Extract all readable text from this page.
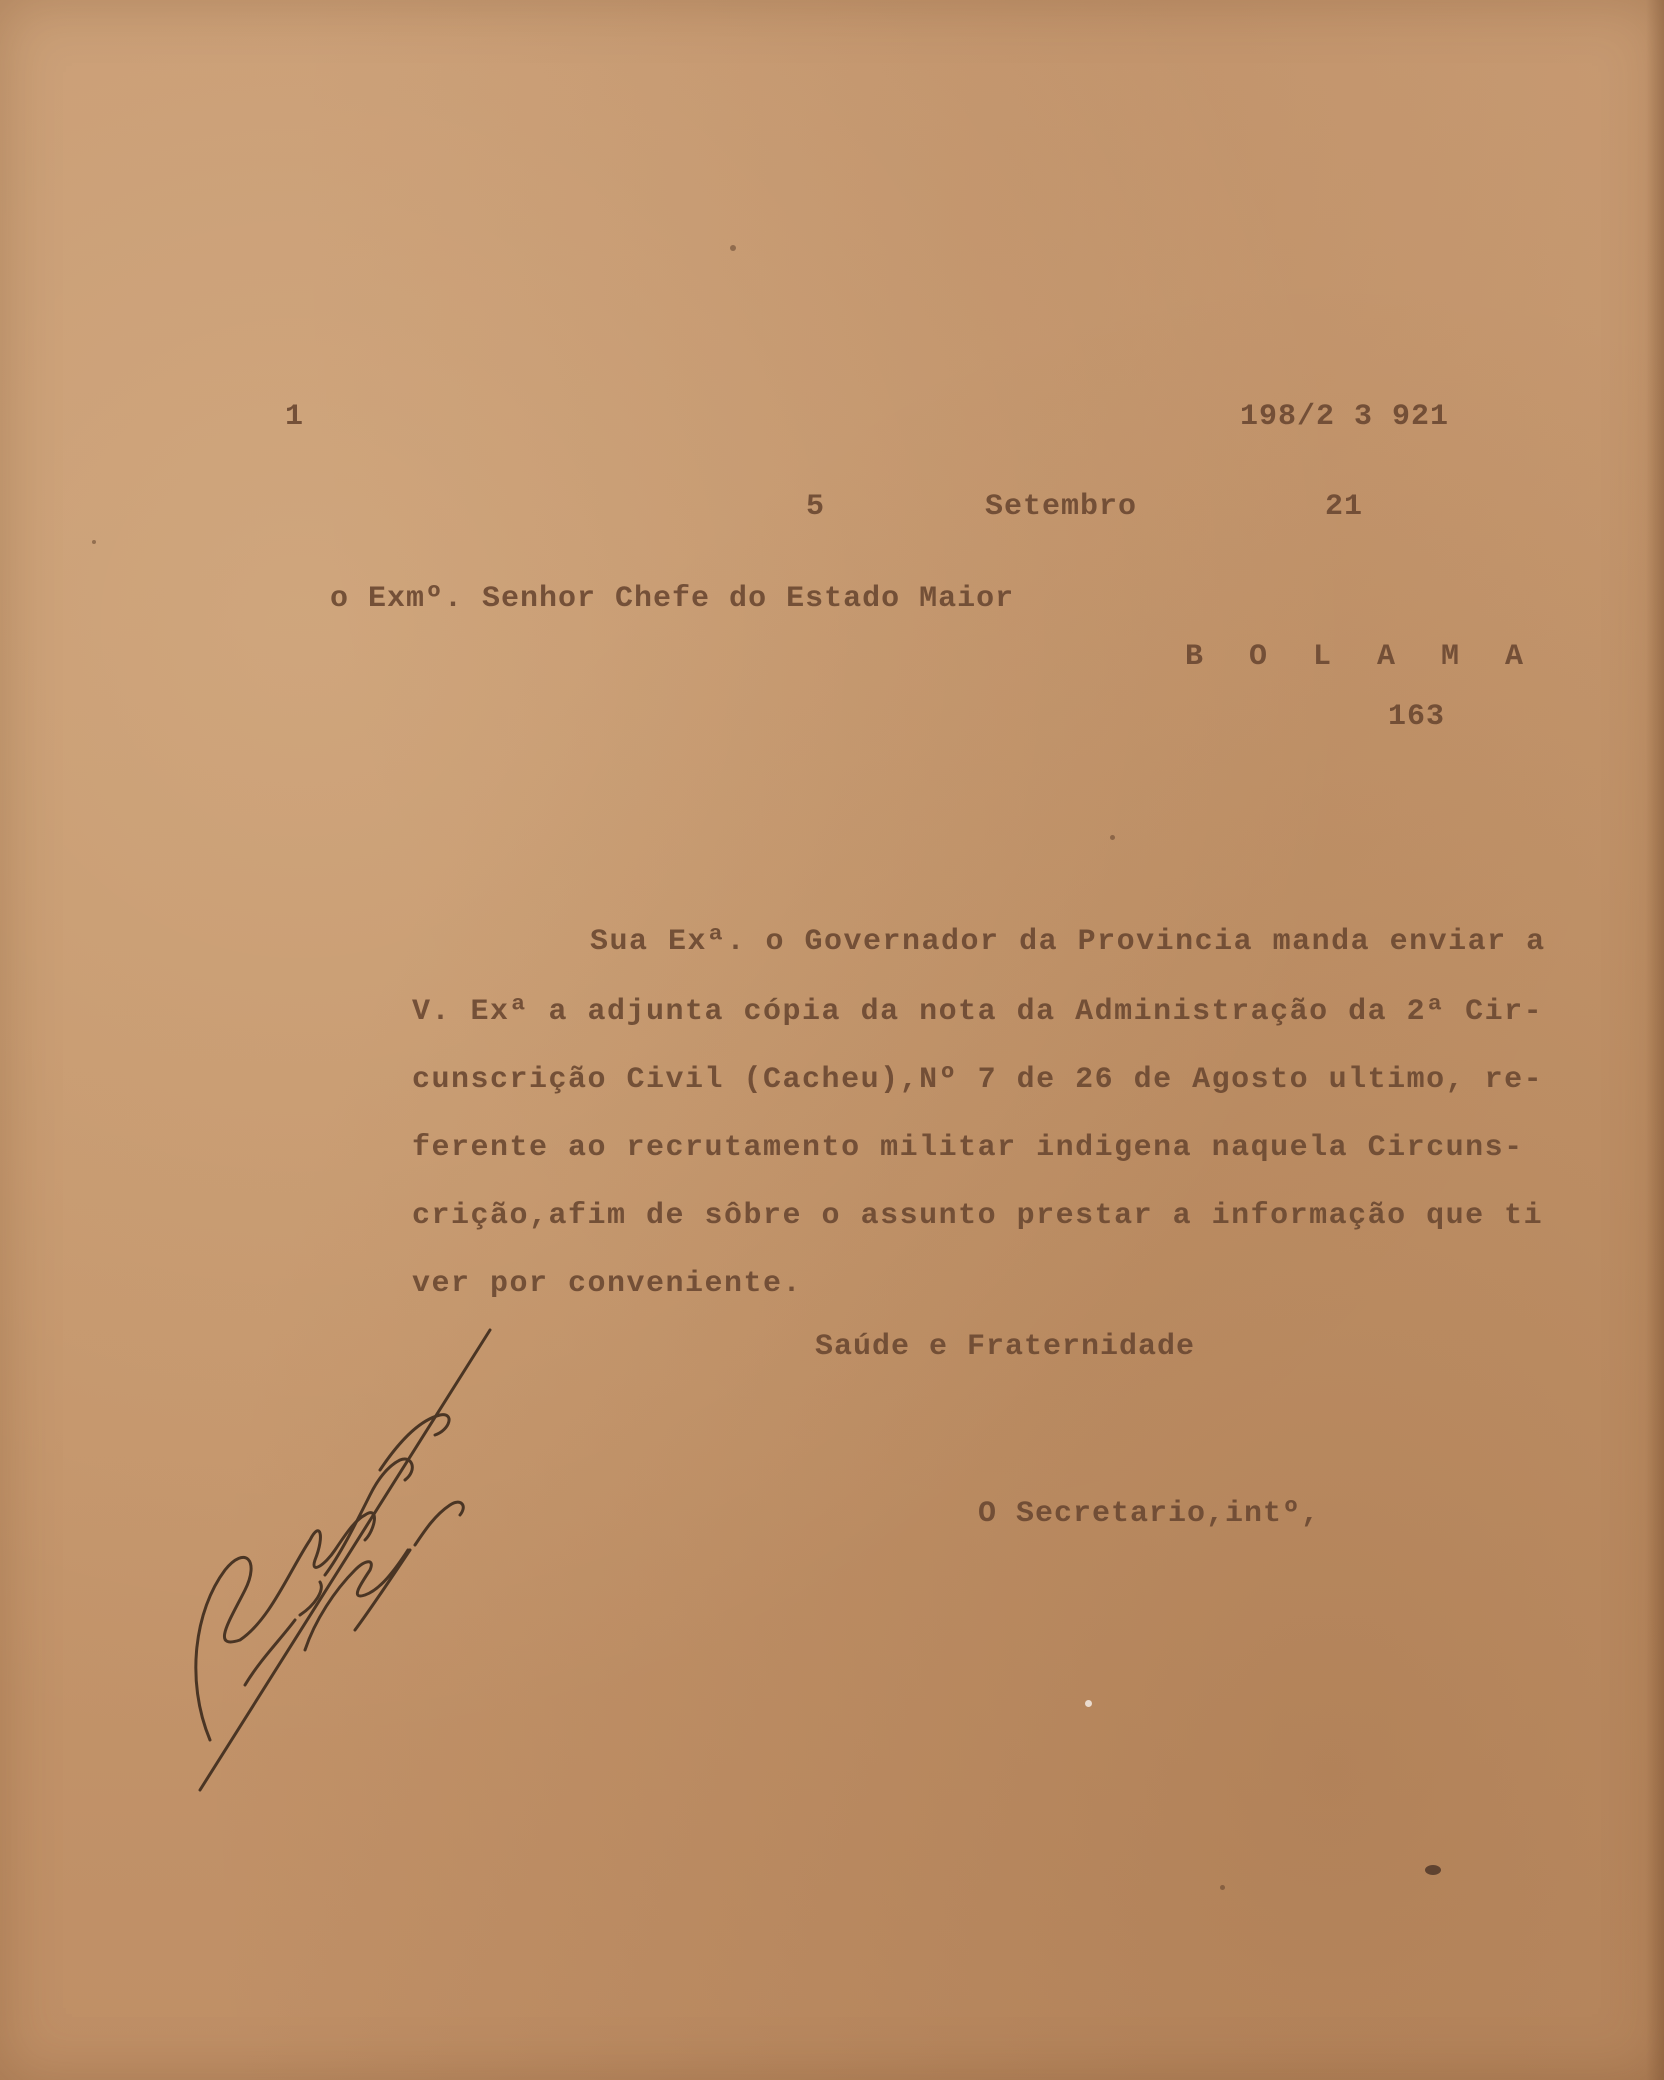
1	198/2 3 921
5	Setembro	21
o Exmº. Senhor Chefe do Estado Maior
B O L A M A
163
Sua Exª. o Governador da Provincia manda enviar a
V. Exª a adjunta cópia da nota da Administração da 2ª Cir-
cunscrição Civil (Cacheu),Nº 7 de 26 de Agosto ultimo, re-
ferente ao recrutamento militar indigena naquela Circuns-
crição,afim de sôbre o assunto prestar a informação que ti
ver por conveniente.
Saúde e Fraternidade
O Secretario,intº,
